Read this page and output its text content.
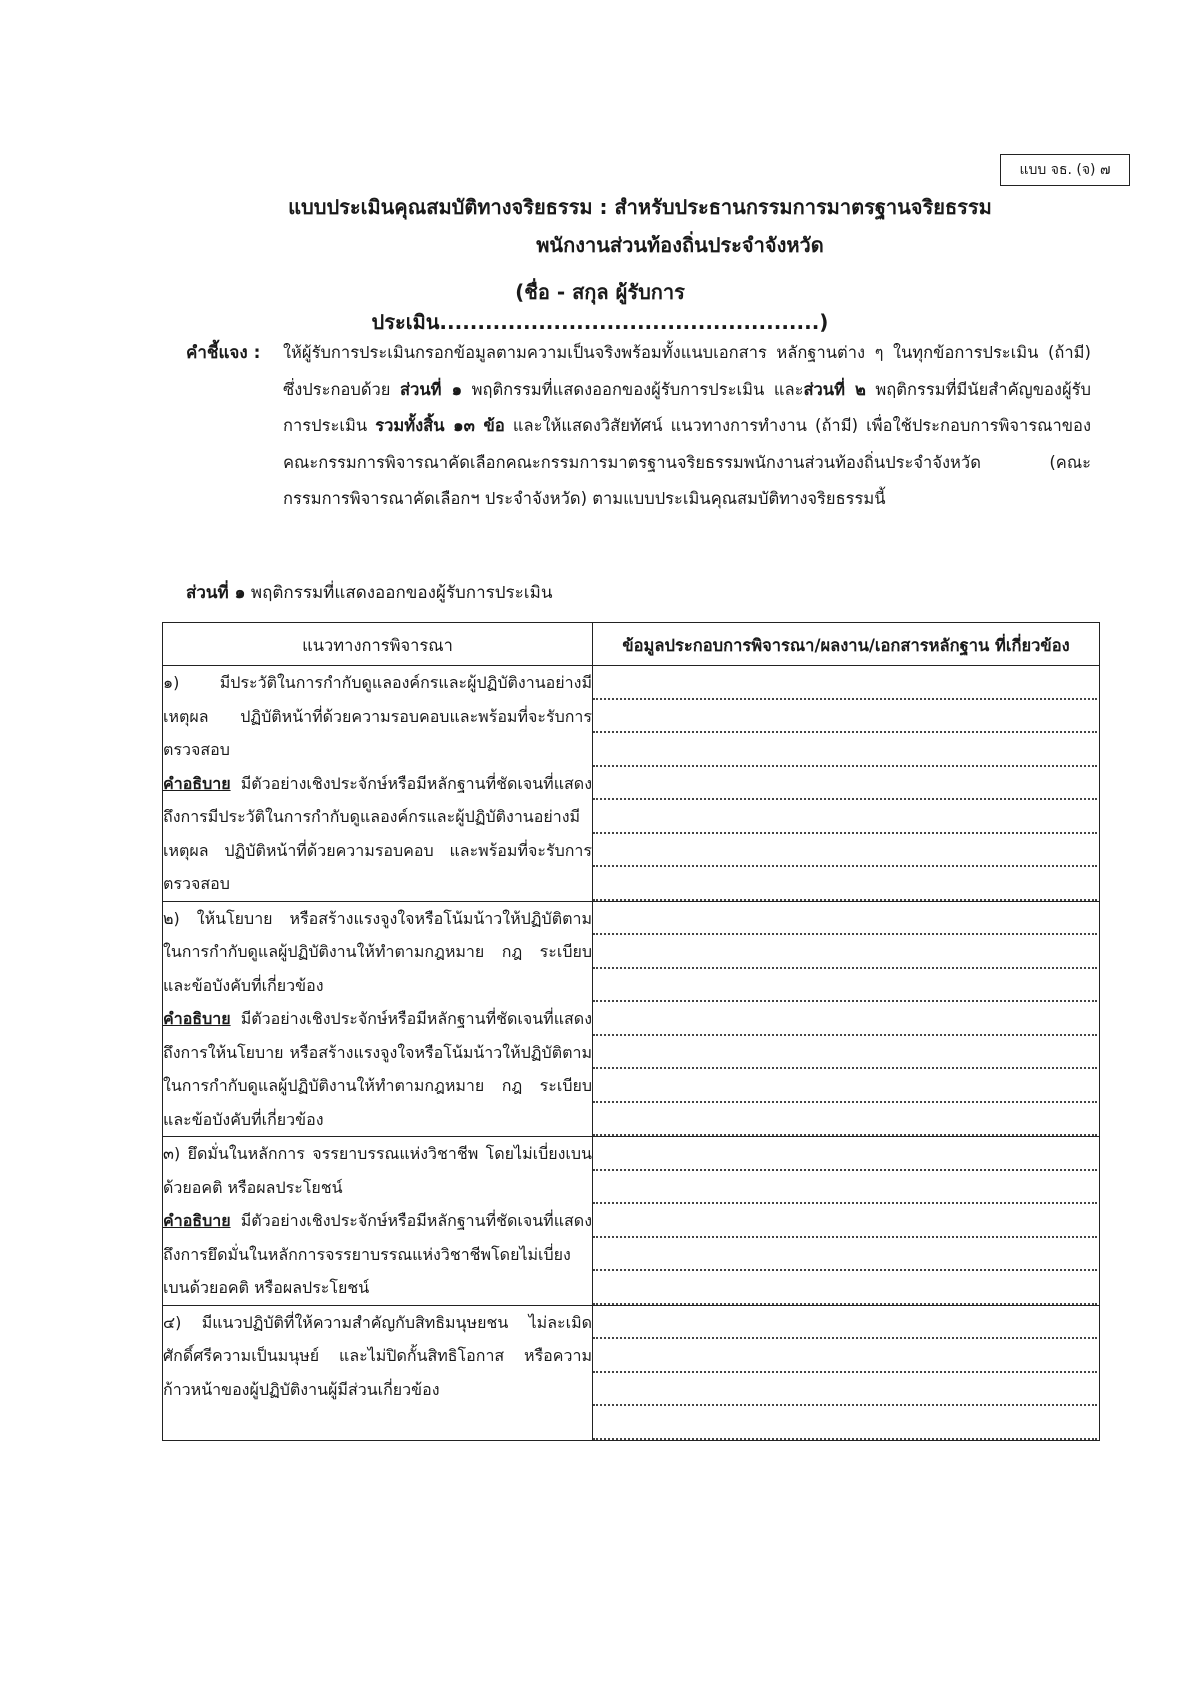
แบบ จธ. (จ) ๗
แบบประเมินคุณสมบัติทางจริยธรรม : สำหรับประธานกรรมการมาตรฐานจริยธรรม
พนักงานส่วนท้องถิ่นประจำจังหวัด
(ชื่อ - สกุล ผู้รับการประเมิน..................................................)
คำชี้แจง : ให้ผู้รับการประเมินกรอกข้อมูลตามความเป็นจริงพร้อมทั้งแนบเอกสาร หลักฐานต่าง ๆ ในทุกข้อการประเมิน (ถ้ามี) ซึ่งประกอบด้วย ส่วนที่ ๑ พฤติกรรมที่แสดงออกของผู้รับการประเมิน และส่วนที่ ๒ พฤติกรรมที่มีนัยสำคัญของผู้รับการประเมิน รวมทั้งสิ้น ๑๓ ข้อ และให้แสดงวิสัยทัศน์ แนวทางการทำงาน (ถ้ามี) เพื่อใช้ประกอบการพิจารณาของคณะกรรมการพิจารณาคัดเลือกคณะกรรมการมาตรฐานจริยธรรมพนักงานส่วนท้องถิ่นประจำจังหวัด (คณะกรรมการพิจารณาคัดเลือกฯ ประจำจังหวัด) ตามแบบประเมินคุณสมบัติทางจริยธรรมนี้
ส่วนที่ ๑ พฤติกรรมที่แสดงออกของผู้รับการประเมิน
แนวทางการพิจารณา	ข้อมูลประกอบการพิจารณา/ผลงาน/เอกสารหลักฐาน ที่เกี่ยวข้อง
๑) มีประวัติในการกำกับดูแลองค์กรและผู้ปฏิบัติงานอย่างมีเหตุผล ปฏิบัติหน้าที่ด้วยความรอบคอบและพร้อมที่จะรับการตรวจสอบ
คำอธิบาย มีตัวอย่างเชิงประจักษ์หรือมีหลักฐานที่ชัดเจนที่แสดงถึงการมีประวัติในการกำกับดูแลองค์กรและผู้ปฏิบัติงานอย่างมีเหตุผล ปฏิบัติหน้าที่ด้วยความรอบคอบ และพร้อมที่จะรับการตรวจสอบ	

๒) ให้นโยบาย หรือสร้างแรงจูงใจหรือโน้มน้าวให้ปฏิบัติตาม ในการกำกับดูแลผู้ปฏิบัติงานให้ทำตามกฎหมาย กฎ ระเบียบ และข้อบังคับที่เกี่ยวข้อง
คำอธิบาย มีตัวอย่างเชิงประจักษ์หรือมีหลักฐานที่ชัดเจนที่แสดงถึงการให้นโยบาย หรือสร้างแรงจูงใจหรือโน้มน้าวให้ปฏิบัติตาม ในการกำกับดูแลผู้ปฏิบัติงานให้ทำตามกฎหมาย กฎ ระเบียบ และข้อบังคับที่เกี่ยวข้อง	

๓) ยึดมั่นในหลักการ จรรยาบรรณแห่งวิชาชีพ โดยไม่เบี่ยงเบนด้วยอคติ หรือผลประโยชน์
คำอธิบาย มีตัวอย่างเชิงประจักษ์หรือมีหลักฐานที่ชัดเจนที่แสดงถึงการยึดมั่นในหลักการจรรยาบรรณแห่งวิชาชีพโดยไม่เบี่ยงเบนด้วยอคติ หรือผลประโยชน์	

๔) มีแนวปฏิบัติที่ให้ความสำคัญกับสิทธิมนุษยชน ไม่ละเมิดศักดิ์ศรีความเป็นมนุษย์ และไม่ปิดกั้นสิทธิโอกาส หรือความก้าวหน้าของผู้ปฏิบัติงานผู้มีส่วนเกี่ยวข้อง	
